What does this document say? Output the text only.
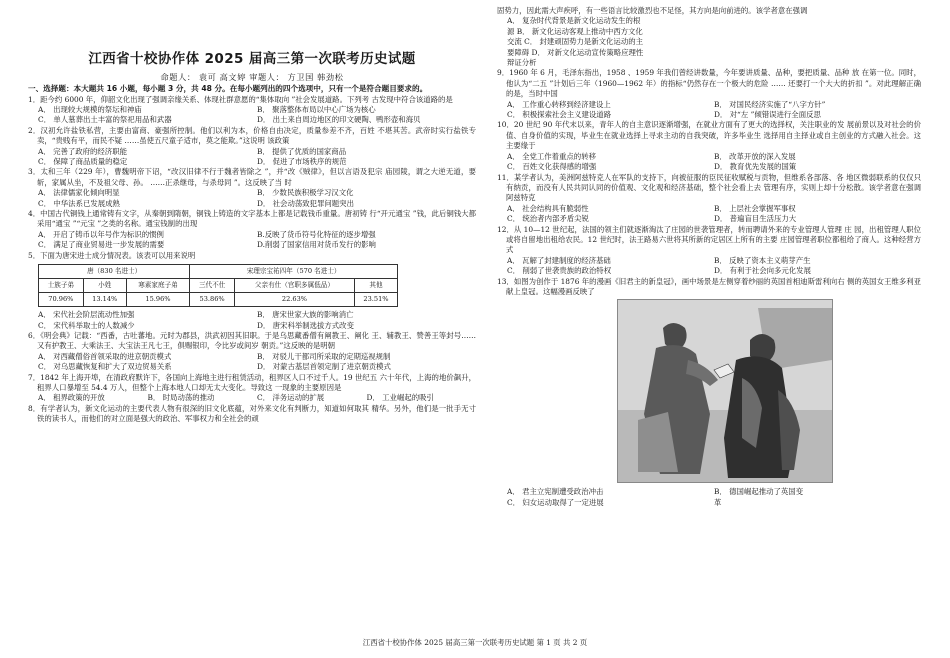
江西省十校协作体 2025 届高三第一次联考历史试题
命题人： 袁可 高文婷 审题人： 方卫国 韩劲松
一、选择题：本大题共 16 小题，每小题 3 分，共 48 分。在每小题列出的四个选项中，只有一个是符合题目要求的。
1．距今约 6000 年，仰韶文化出现了强调亲缘关系、体现社群意愿的“集体取向 ”社会发展道路。下列考 古发现中符合该道路的是
A． 出现较大规模的祭坛和神庙	B． 聚落整体布局以中心广场为核心
C． 单人墓葬出土丰富的祭祀用品和武器	D． 出土来自周边地区的印文硬陶、鸭形壶和海贝
2．汉初允许盐铁私营，主要由富商、豪强所控制。他们以利为本，价格自由决定，质量参差不齐，百姓 不堪其苦。武帝时实行盐铁专卖，“贵贱有平，而民不疑 ……虽使五尺童子适市，莫之能欺。”这说明 该政策
A． 完善了政府的经济职能	B． 提供了优质的国家商品
C． 保障了商品质量的稳定	D． 促进了市场秩序的规范
3．太和三年（229 年），曹魏明帝下诏，“改汉旧律不行于魏者皆除之 ”，并“改《贼律》，但以言语及犯宗 庙园陵，谓之大逆无道，要斩，家属从坐，不及祖父母、孙。 ……正杀继母，与杀母同 ”。这反映了当 时
A． 法律儒家化倾向明显	B． 少数民族积极学习汉文化
C． 中华法系已发展成熟	D． 社会动荡致犯罪问题突出
4．中国古代铜钱上通常铸有文字，从秦朝到隋朝，铜钱上铸造的文字基本上都是记载钱币重量。唐初铸 行“开元通宝 ”钱，此后铜钱大都采用“通宝 ”“元宝 ”之类的名称。通宝钱制的出现
A． 开启了铸币以年号作为标识的惯例	B.反映了货币符号化特征的逐步增强
C． 满足了商业贸易进一步发展的需要	D.削弱了国家信用对货币发行的影响
5．下面为唐宋进士成分情况表。该表可以用来说明
唐（830 名进士）			宋理宗宝祐四年（570 名进士）		
士族子弟	小姓	寒素家庭子弟	三代不仕	父亲有仕（官职多属低品）	其他
70.96%	13.14%	15.96%	53.86%	22.63%	23.51%
A． 宋代社会阶层流动性加强	B． 唐宋世家大族的影响消亡
C． 宋代科举取士的人数减少	D． 唐宋科举制选拔方式改变
6．《明会典》记载：“西番，古吐蕃地。元时为郡县，洪武初因其旧职。于是乌思藏番僧有阐教王、阐化 王、辅教王、赞善王等封号……又有护教王、大乘法王、大宝法王凡七王，俱赐银印，令比岁或间岁 朝贡。”这反映的是明朝
A． 对西藏僧俗首领采取的进京朝贡模式	B． 对驳儿干都司所采取的定期巡视规制
C． 对乌思藏恢复和扩大了双边贸易关系	D． 对蒙古基层首领定制了进京朝贡模式
7．1842 年上海开埠，在清政府默许下，各国向上海地主进行租赁活动，租界区人口不过千人。19 世纪五 六十年代，上海的地价飙升，租界人口暴增至 54.4 万人，但整个上海本地人口却无太大变化。导致这 一现象的主要原因是
A． 租界政策的开放	B． 时局动荡的推动	C． 洋务运动的扩展	D． 工业崛起的吸引
8．有学者认为，新文化运动的主要代表人物有很深的旧文化底蕴，对外来文化有判断力，知道如何取其 精华。另外，他们是一批手无寸铁的读书人，而他们的对立面是强大的政治、军事权力和全社会的顽
固势力，因此需大声疾呼，有一些语言比较激烈也不足怪，其方向是向前进的。该学者意在强调
A． 复杂时代背景是新文化运动发生的根
源 B． 新文化运动客观上推动中西方文化
交流 C． 封建顽固势力是新文化运动的主
要障碍 D． 对新文化运动宣传策略应理性
辩证分析
9．1960 年 6 月，毛泽东指出，1958 、1959 年我们曾经讲数量，今年要讲质量、品种，要把质量、品种 放 在第一位。同时，他认为“二五 ”计划后三年（1960—1962 年）的指标“仍然存在一个极大的危险 …… 还要打一个大大的折扣 ”。对此理解正确的是，当时中国
A． 工作重心转移到经济建设上	B． 对国民经济实施了“八字方针”
C． 积极探索社会主义建设道路	D． 对“左 ”倾错误进行全面反思
10．20 世纪 90 年代末以来，青年人的自主意识逐渐增强，在就业方面有了更大的选择权，关注职业的发 展前景以及对社会的价值、自身价值的实现，毕业生在就业选择上寻求主动的自我突破，许多毕业生 选择用自主择业或自主创业的方式融入社会。这主要缘于
A． 全党工作着重点的转移	B． 改革开放的深入发展
C． 百姓文化获得感的增强	D． 教育优先发展的国策
11．某学者认为，美洲阿兹特克人在军队的支持下，向被征服的臣民征收赋税与贡物，但维系各部落、各 地区微弱联系的仅仅只有纳贡，而没有人民共同认同的价值观、文化观和经济基础，整个社会看上去 管理有序，实则上却十分松散。该学者意在强调阿兹特克
A． 社会结构具有脆弱性	B． 上层社会掌握军事权
C． 统治者内部矛盾尖锐	D． 普遍盲目生活压力大
12．从 10—12 世纪起，法国的领主们就逐渐淘汰了庄园的世袭管理者，转而聘请外来的专业管理人管理 庄 园，出租管理人职位或将自留地出租给农民。12 世纪时，法王路易六世将其所新的定居区上所有的主要 庄园管理者职位都租给了商人。这种经营方式
A． 瓦解了封建制度的经济基础	B． 反映了资本主义萌芽产生
C． 削弱了世袭贵族的政治特权	D． 有利于社会向多元化发展
13．如图为创作于 1876 年的漫画《旧君主的新皇冠》，画中场景是左侧穿着纱丽的英国首相迪斯雷利向右 侧的英国女王维多利亚献上皇冠。这幅漫画反映了
A． 君主立宪制遭受政治冲击	B． 德国崛起推动了英国变
C． 妇女运动取得了一定进展	革
江西省十校协作体 2025 届高三第一次联考历史试题 第 1 页 共 2 页
